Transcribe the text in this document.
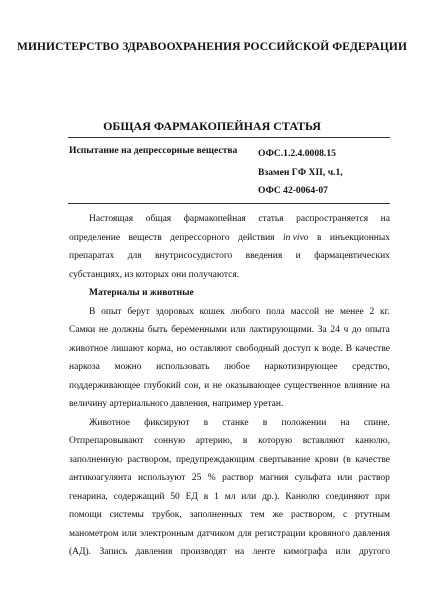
МИНИСТЕРСТВО ЗДРАВООХРАНЕНИЯ РОССИЙСКОЙ ФЕДЕРАЦИИ
ОБЩАЯ ФАРМАКОПЕЙНАЯ СТАТЬЯ
Испытание на депрессорные вещества ОФС.1.2.4.0008.15
Взамен ГФ XII, ч.1,
ОФС 42-0064-07
Настоящая общая фармакопейная статья распространяется на
определение веществ депрессорного действия in vivo в инъекционных
препаратах для внутрисосудистого введения и фармацевтических
субстанциях, из которых они получаются.
Материалы и животные
В опыт берут здоровых кошек любого пола массой не менее 2 кг.
Самки не должны быть беременными или лактирующими. За 24 ч до опыта
животное лишают корма, но оставляют свободный доступ к воде. В качестве
наркоза можно использовать любое наркотизирующее средство,
поддерживающее глубокий сон, и не оказывающее существенное влияние на
величину артериального давления, например уретан.
Животное фиксируют в станке в положении на спине.
Отпрепаровывают сонную артерию, в которую вставляют канюлю,
заполненную раствором, предупреждающим свертывание крови (в качестве
антикоагулянта используют 25 % раствор магния сульфата или раствор
генарина, содержащий 50 ЕД в 1 мл или др.). Канюлю соединяют при
помощи системы трубок, заполненных тем же раствором, с ртутным
манометром или электронным датчиком для регистрации кровяного давления
(АД). Запись давления производят на ленте кимографа или другого
